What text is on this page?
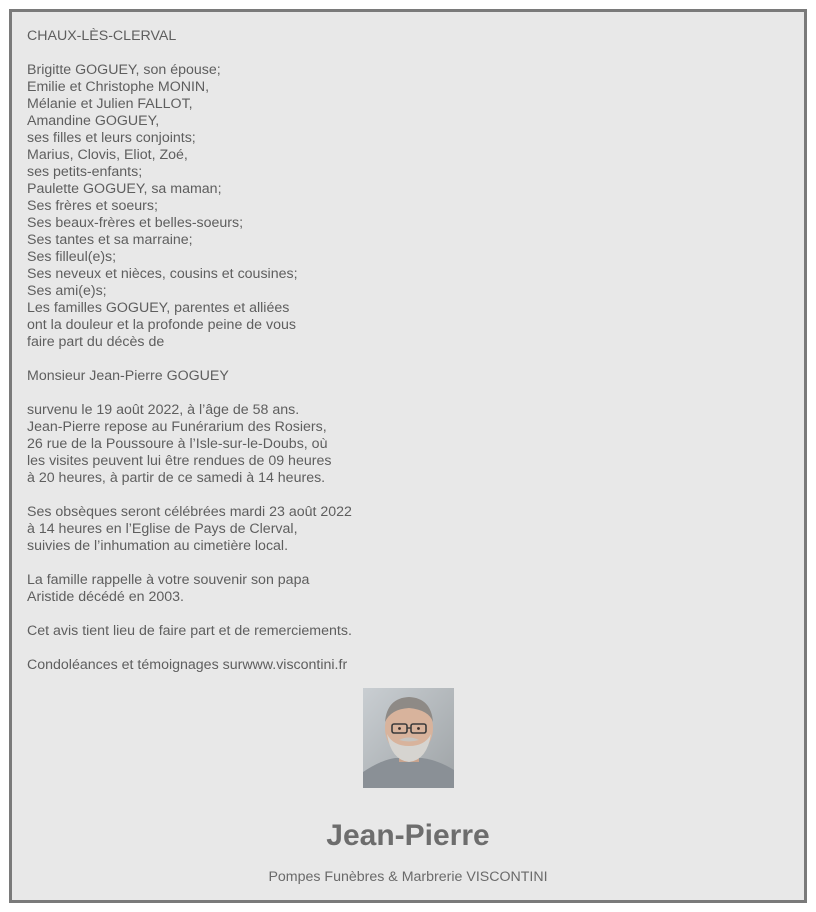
CHAUX-LÈS-CLERVAL
Brigitte GOGUEY, son épouse;
Emilie et Christophe MONIN,
Mélanie et Julien FALLOT,
Amandine GOGUEY,
ses filles et leurs conjoints;
Marius, Clovis, Eliot, Zoé,
ses petits-enfants;
Paulette GOGUEY, sa maman;
Ses frères et soeurs;
Ses beaux-frères et belles-soeurs;
Ses tantes et sa marraine;
Ses filleul(e)s;
Ses neveux et nièces, cousins et cousines;
Ses ami(e)s;
Les familles GOGUEY, parentes et alliées
ont la douleur et la profonde peine de vous
faire part du décès de
Monsieur Jean-Pierre GOGUEY
survenu le 19 août 2022, à l’âge de 58 ans.
Jean-Pierre repose au Funérarium des Rosiers,
26 rue de la Poussoure à l’Isle-sur-le-Doubs, où
les visites peuvent lui être rendues de 09 heures
à 20 heures, à partir de ce samedi à 14 heures.
Ses obsèques seront célébrées mardi 23 août 2022
à 14 heures en l’Eglise de Pays de Clerval,
suivies de l’inhumation au cimetière local.
La famille rappelle à votre souvenir son papa
Aristide décédé en 2003.
Cet avis tient lieu de faire part et de remerciements.
Condoléances et témoignages surwww.viscontini.fr
Jean-Pierre
Pompes Funèbres & Marbrerie VISCONTINI
